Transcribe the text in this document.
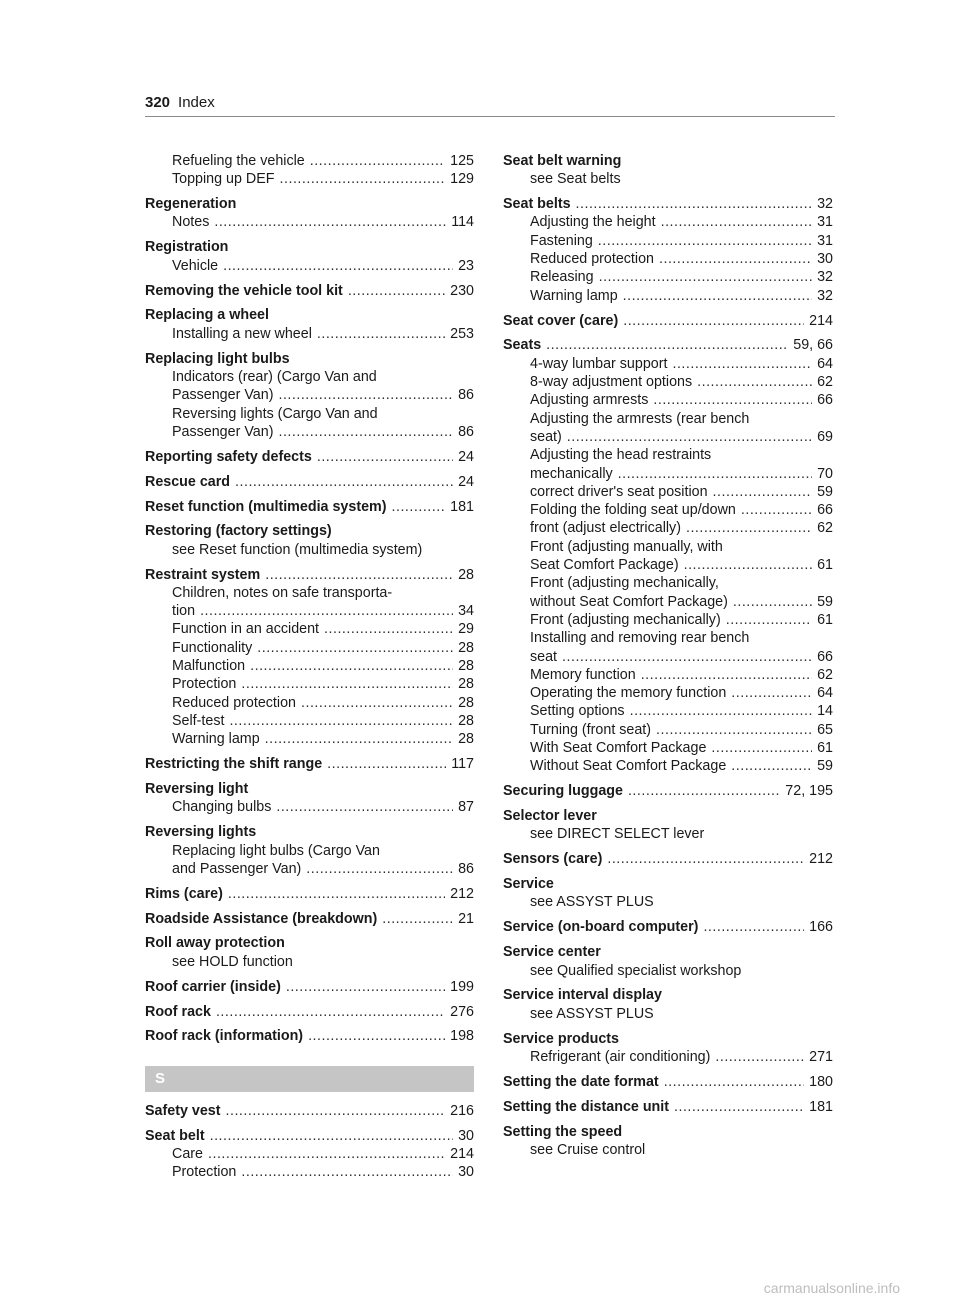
320 Index
Refueling the vehicle .....	125
Topping up DEF .....	129
Regeneration
Notes .....	114
Registration
Vehicle .....	23
Removing the vehicle tool kit .....	230
Replacing a wheel
Installing a new wheel .....	253
Replacing light bulbs
Indicators (rear) (Cargo Van and
Passenger Van) .....	86
Reversing lights (Cargo Van and
Passenger Van) .....	86
Reporting safety defects .....	24
Rescue card .....	24
Reset function (multimedia system) .....	181
Restoring (factory settings)
see Reset function (multimedia system)
Restraint system .....	28
Children, notes on safe transporta-
tion .....	34
Function in an accident .....	29
Functionality .....	28
Malfunction .....	28
Protection .....	28
Reduced protection .....	28
Self-test .....	28
Warning lamp .....	28
Restricting the shift range .....	117
Reversing light
Changing bulbs .....	87
Reversing lights
Replacing light bulbs (Cargo Van
and Passenger Van) .....	86
Rims (care) .....	212
Roadside Assistance (breakdown) .....	21
Roll away protection
see HOLD function
Roof carrier (inside) .....	199
Roof rack .....	276
Roof rack (information) .....	198
S
Safety vest .....	216
Seat belt .....	30
Care .....	214
Protection .....	30
Seat belt warning
see Seat belts
Seat belts .....	32
Adjusting the height .....	31
Fastening .....	31
Reduced protection .....	30
Releasing .....	32
Warning lamp .....	32
Seat cover (care) .....	214
Seats .....	59, 66
4-way lumbar support .....	64
8-way adjustment options .....	62
Adjusting armrests .....	66
Adjusting the armrests (rear bench
seat) .....	69
Adjusting the head restraints
mechanically .....	70
correct driver's seat position .....	59
Folding the folding seat up/down .....	66
front (adjust electrically) .....	62
Front (adjusting manually, with
Seat Comfort Package) .....	61
Front (adjusting mechanically,
without Seat Comfort Package) .....	59
Front (adjusting mechanically) .....	61
Installing and removing rear bench
seat .....	66
Memory function .....	62
Operating the memory function .....	64
Setting options .....	14
Turning (front seat) .....	65
With Seat Comfort Package .....	61
Without Seat Comfort Package .....	59
Securing luggage .....	72, 195
Selector lever
see DIRECT SELECT lever
Sensors (care) .....	212
Service
see ASSYST PLUS
Service (on-board computer) .....	166
Service center
see Qualified specialist workshop
Service interval display
see ASSYST PLUS
Service products
Refrigerant (air conditioning) .....	271
Setting the date format .....	180
Setting the distance unit .....	181
Setting the speed
see Cruise control
carmanualsonline.info
